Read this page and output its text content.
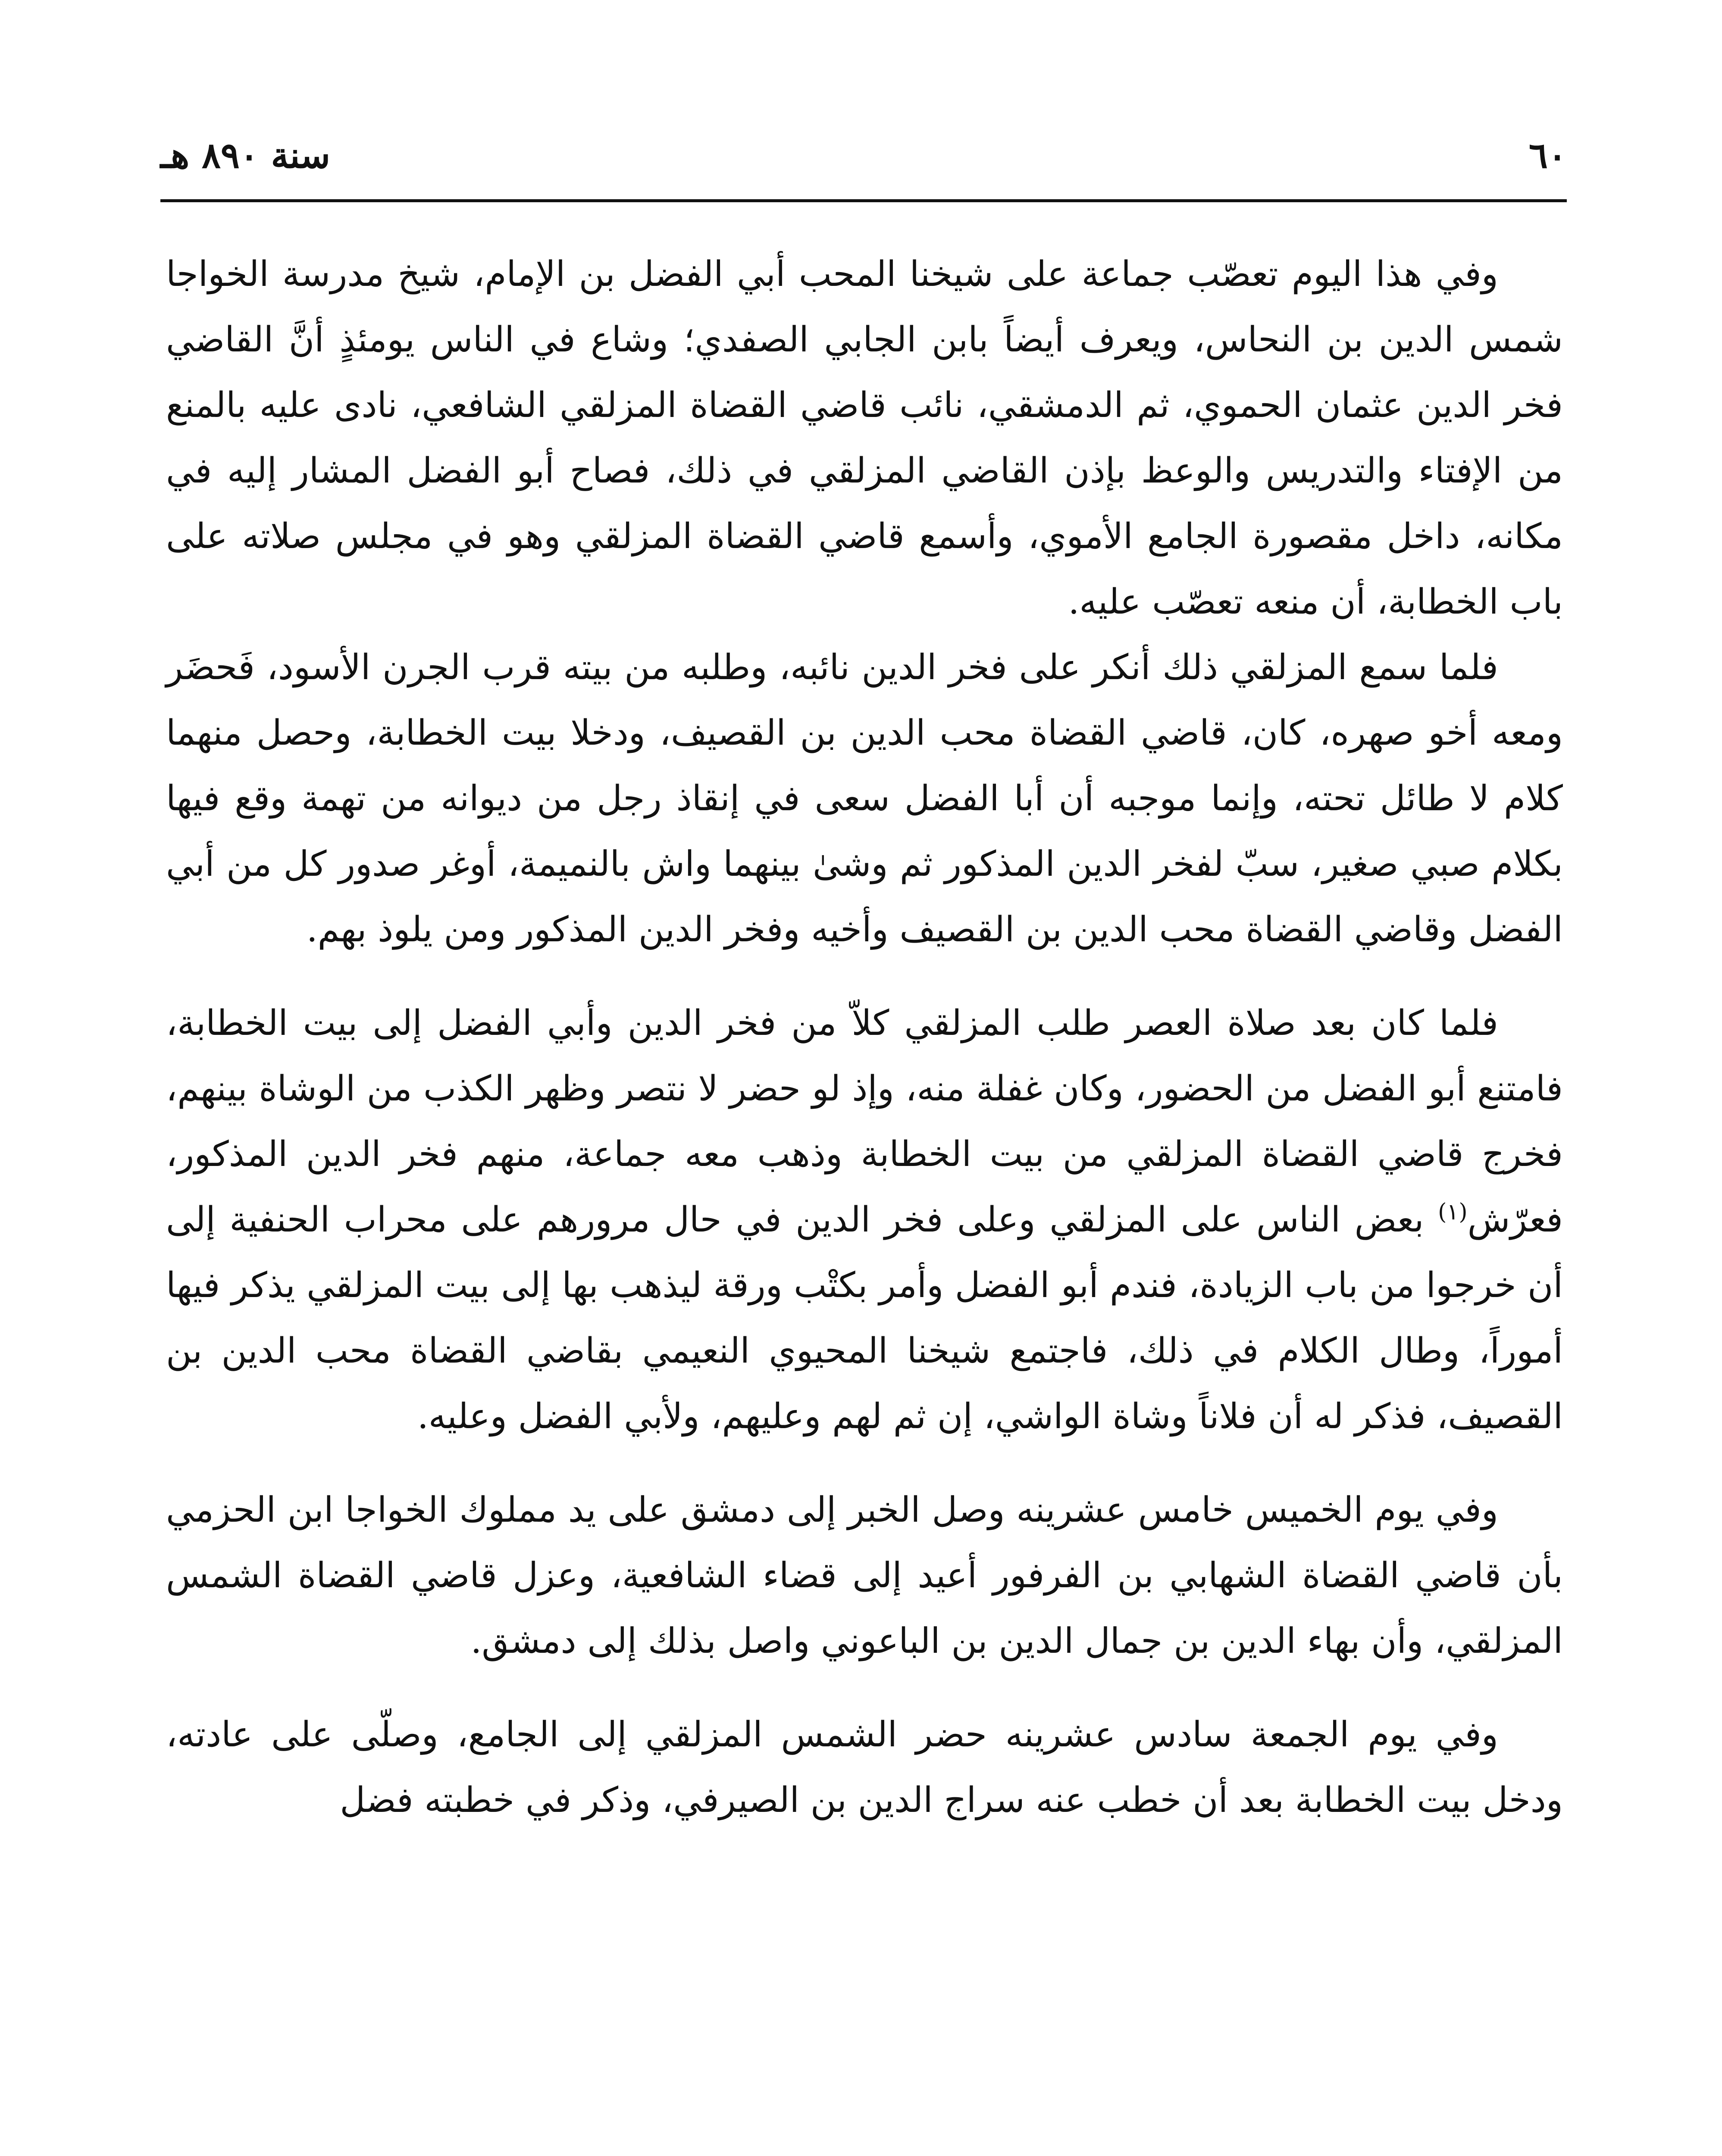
٦٠
سنة ٨٩٠ هـ

وفي هذا اليوم تعصّب جماعة على شيخنا المحب أبي الفضل بن الإمام، شيخ مدرسة الخواجا شمس الدين بن النحاس، ويعرف أيضاً بابن الجابي الصفدي؛ وشاع في الناس يومئذٍ أنَّ القاضي فخر الدين عثمان الحموي، ثم الدمشقي، نائب قاضي القضاة المزلقي الشافعي، نادى عليه بالمنع من الإفتاء والتدريس والوعظ بإذن القاضي المزلقي في ذلك، فصاح أبو الفضل المشار إليه في مكانه، داخل مقصورة الجامع الأموي، وأسمع قاضي القضاة المزلقي وهو في مجلس صلاته على باب الخطابة، أن منعه تعصّب عليه.

فلما سمع المزلقي ذلك أنكر على فخر الدين نائبه، وطلبه من بيته قرب الجرن الأسود، فَحضَر ومعه أخو صهره، كان، قاضي القضاة محب الدين بن القصيف، ودخلا بيت الخطابة، وحصل منهما كلام لا طائل تحته، وإنما موجبه أن أبا الفضل سعى في إنقاذ رجل من ديوانه من تهمة وقع فيها بكلام صبي صغير، سبّ لفخر الدين المذكور ثم وشىٰ بينهما واش بالنميمة، أوغر صدور كل من أبي الفضل وقاضي القضاة محب الدين بن القصيف وأخيه وفخر الدين المذكور ومن يلوذ بهم.

فلما كان بعد صلاة العصر طلب المزلقي كلاّ من فخر الدين وأبي الفضل إلى بيت الخطابة، فامتنع أبو الفضل من الحضور، وكان غفلة منه، وإذ لو حضر لا نتصر وظهر الكذب من الوشاة بينهم، فخرج قاضي القضاة المزلقي من بيت الخطابة وذهب معه جماعة، منهم فخر الدين المذكور، فعرّش$^{(١)}$ بعض الناس على المزلقي وعلى فخر الدين في حال مرورهم على محراب الحنفية إلى أن خرجوا من باب الزيادة، فندم أبو الفضل وأمر بكتْب ورقة ليذهب بها إلى بيت المزلقي يذكر فيها أموراً، وطال الكلام في ذلك، فاجتمع شيخنا المحيوي النعيمي بقاضي القضاة محب الدين بن القصيف، فذكر له أن فلاناً وشاة الواشي، إن ثم لهم وعليهم، ولأبي الفضل وعليه.

وفي يوم الخميس خامس عشرينه وصل الخبر إلى دمشق على يد مملوك الخواجا ابن الحزمي بأن قاضي القضاة الشهابي بن الفرفور أعيد إلى قضاء الشافعية، وعزل قاضي القضاة الشمس المزلقي، وأن بهاء الدين بن جمال الدين بن الباعوني واصل بذلك إلى دمشق.

وفي يوم الجمعة سادس عشرينه حضر الشمس المزلقي إلى الجامع، وصلّى على عادته، ودخل بيت الخطابة بعد أن خطب عنه سراج الدين بن الصيرفي، وذكر في خطبته فضل
